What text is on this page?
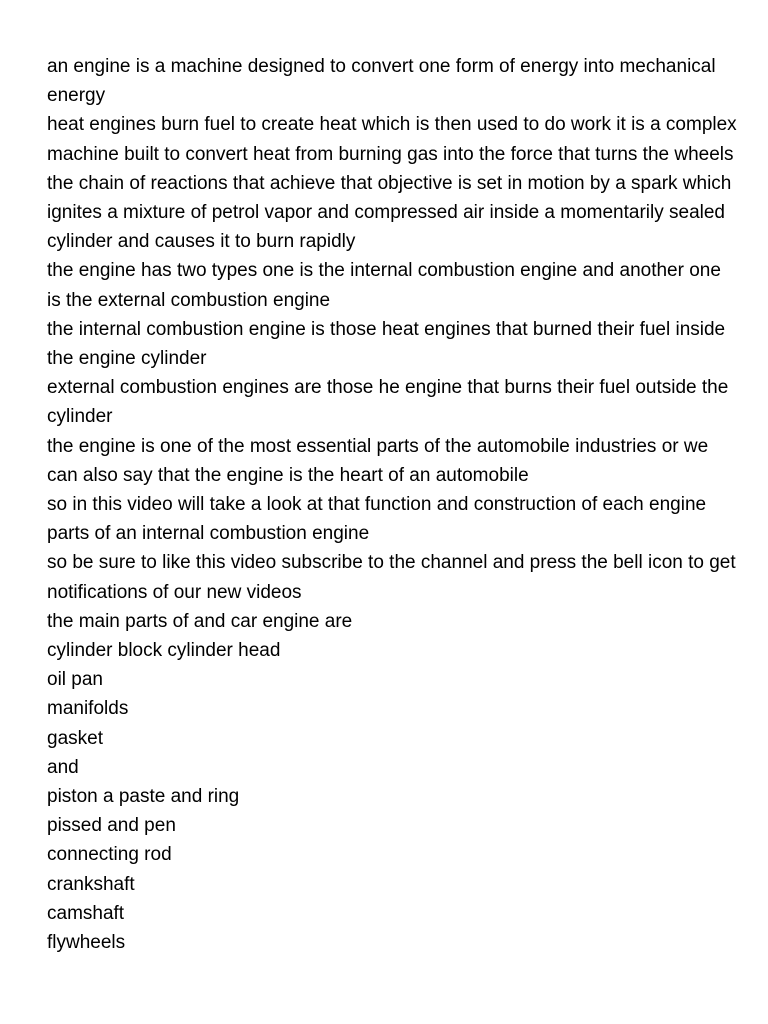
an engine is a machine designed to convert one form of energy into mechanical energy

heat engines burn fuel to create heat which is then used to do work it is a complex machine built to convert heat from burning gas into the force that turns the wheels

the chain of reactions that achieve that objective is set in motion by a spark which ignites a mixture of petrol vapor and compressed air inside a momentarily sealed cylinder and causes it to burn rapidly

the engine has two types one is the internal combustion engine and another one is the external combustion engine

the internal combustion engine is those heat engines that burned their fuel inside the engine cylinder

external combustion engines are those he engine that burns their fuel outside the cylinder

the engine is one of the most essential parts of the automobile industries or we can also say that the engine is the heart of an automobile

so in this video will take a look at that function and construction of each engine parts of an internal combustion engine

so be sure to like this video subscribe to the channel and press the bell icon to get notifications of our new videos

the main parts of and car engine are

cylinder block cylinder head

oil pan

manifolds

gasket

and

piston a paste and ring

pissed and pen

connecting rod

crankshaft

camshaft

flywheels
